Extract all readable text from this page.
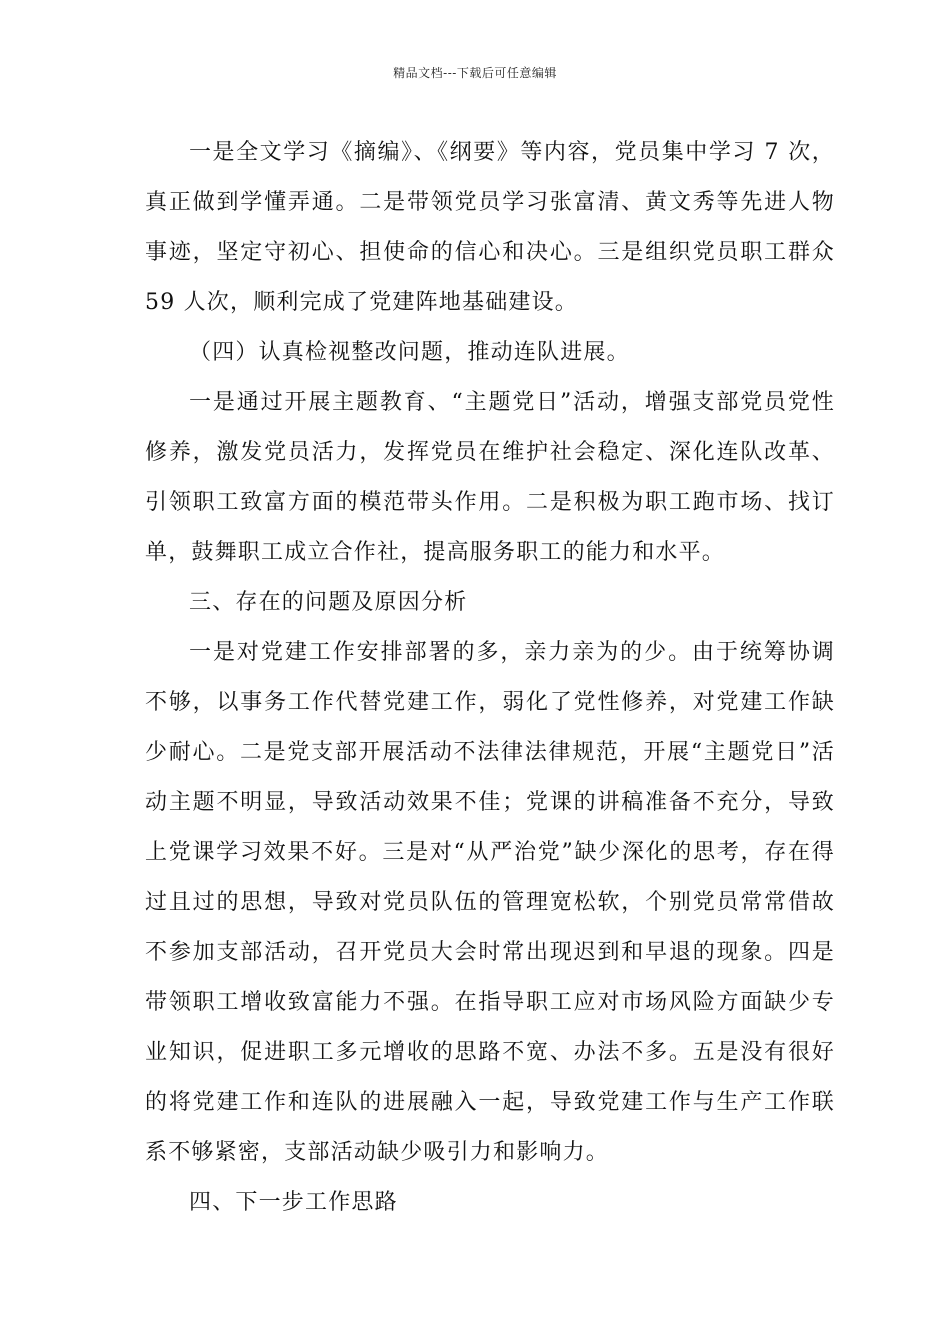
精品文档---下载后可任意编辑

一是全文学习《摘编》、《纲要》等内容，党员集中学习 7 次，真正做到学懂弄通。二是带领党员学习张富清、黄文秀等先进人物事迹，坚定守初心、担使命的信心和决心。三是组织党员职工群众 59 人次，顺利完成了党建阵地基础建设。

（四）认真检视整改问题，推动连队进展。

一是通过开展主题教育、“主题党日”活动，增强支部党员党性修养，激发党员活力，发挥党员在维护社会稳定、深化连队改革、引领职工致富方面的模范带头作用。二是积极为职工跑市场、找订单，鼓舞职工成立合作社，提高服务职工的能力和水平。

三、存在的问题及原因分析

一是对党建工作安排部署的多，亲力亲为的少。由于统筹协调不够，以事务工作代替党建工作，弱化了党性修养，对党建工作缺少耐心。二是党支部开展活动不法律法律规范，开展“主题党日”活动主题不明显，导致活动效果不佳；党课的讲稿准备不充分，导致上党课学习效果不好。三是对“从严治党”缺少深化的思考，存在得过且过的思想，导致对党员队伍的管理宽松软，个别党员常常借故不参加支部活动，召开党员大会时常出现迟到和早退的现象。四是带领职工增收致富能力不强。在指导职工应对市场风险方面缺少专业知识，促进职工多元增收的思路不宽、办法不多。五是没有很好的将党建工作和连队的进展融入一起，导致党建工作与生产工作联系不够紧密，支部活动缺少吸引力和影响力。

四、下一步工作思路
